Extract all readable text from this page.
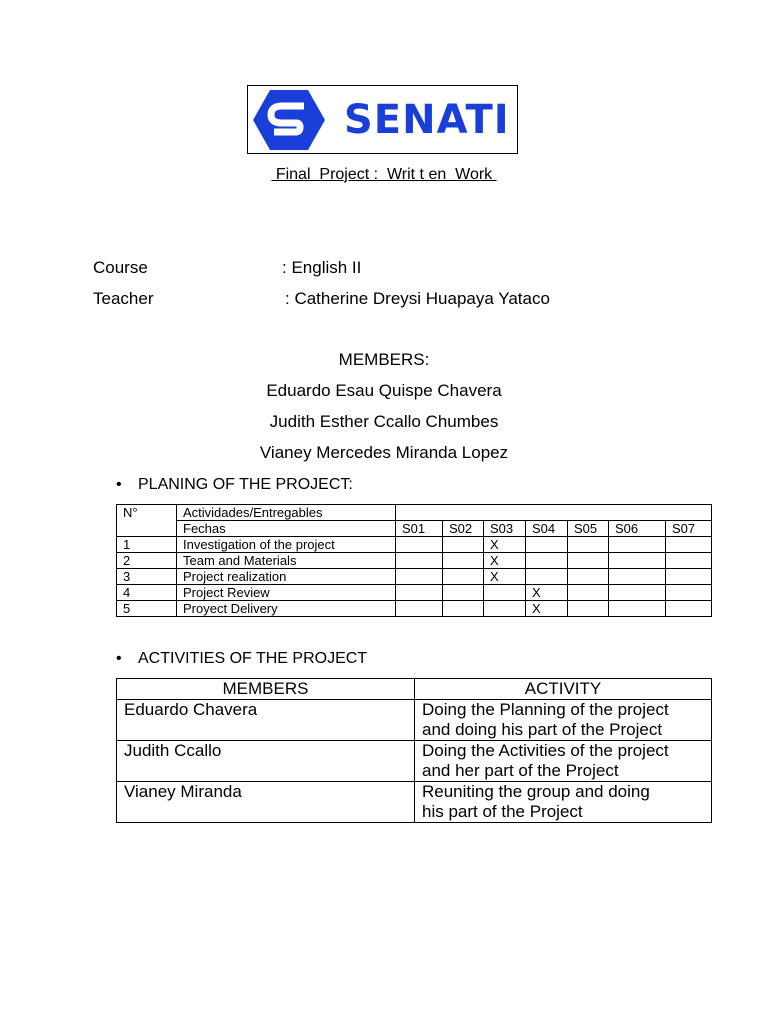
SENATI
Final  Project :  Writ t en  Work
Course	: English II
Teacher	: Catherine Dreysi Huapaya Yataco
MEMBERS:
Eduardo Esau Quispe Chavera
Judith Esther Ccallo Chumbes
Vianey Mercedes Miranda Lopez
•	PLANING OF THE PROJECT:
N°	Actividades/Entregables							
	Fechas	S01	S02	S03	S04	S05	S06	S07
1	Investigation of the project			X				
2	Team and Materials			X				
3	Project realization			X				
4	Project Review				X			
5	Proyect Delivery				X			
•	ACTIVITIES OF THE PROJECT
MEMBERS	ACTIVITY
Eduardo Chavera	Doing the Planning of the project
and doing his part of the Project

Judith Ccallo	Doing the Activities of the project
and her part of the Project

Vianey Miranda	Reuniting the group and doing
his part of the Project
